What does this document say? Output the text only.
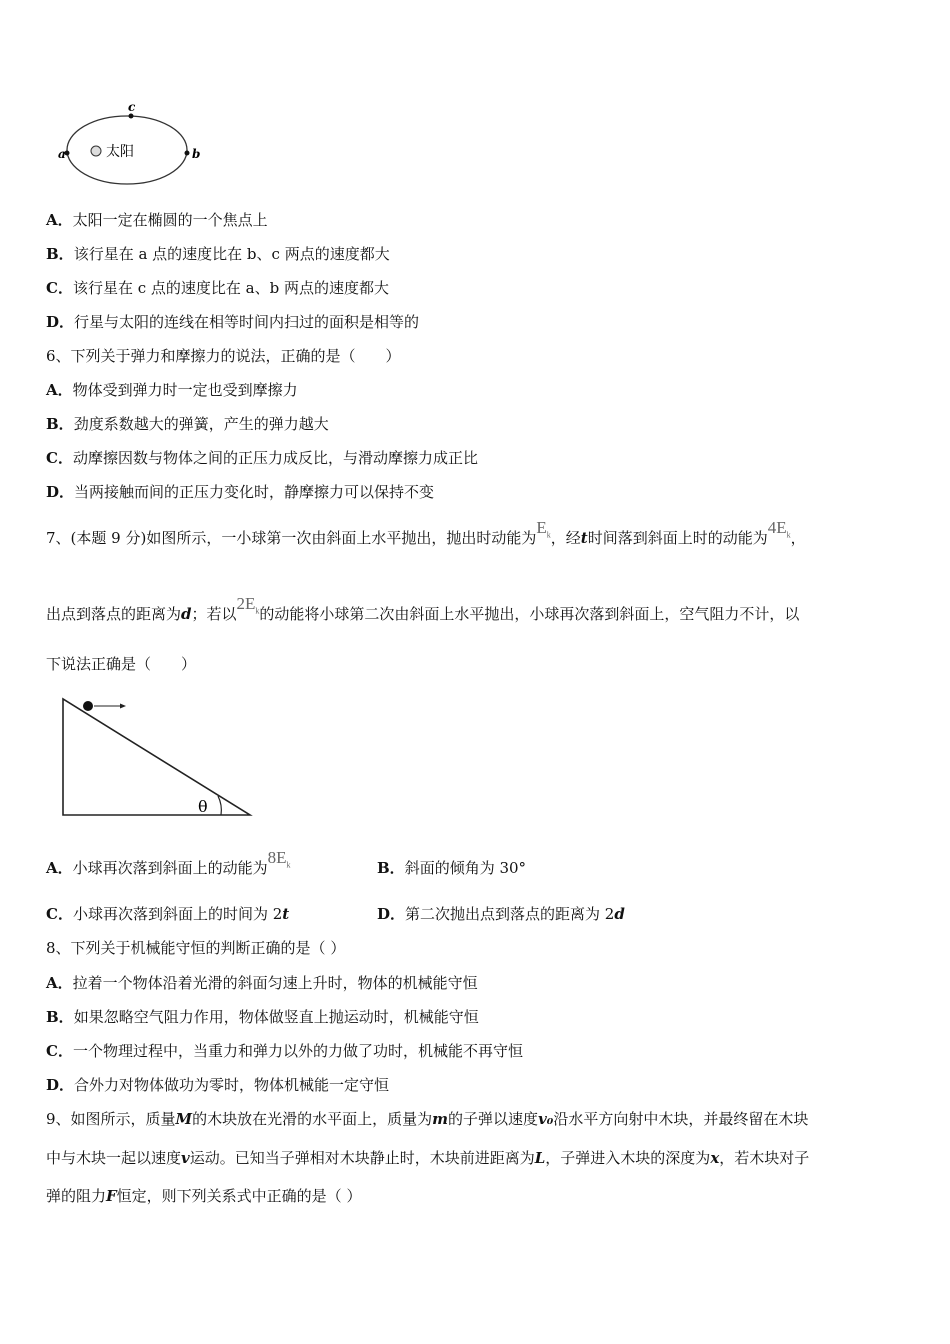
太阳
a	b
c
A．太阳一定在椭圆的一个焦点上
B．该行星在 a 点的速度比在 b、c 两点的速度都大
C．该行星在 c 点的速度比在 a、b 两点的速度都大
D．行星与太阳的连线在相等时间内扫过的面积是相等的
6、下列关于弹力和摩擦力的说法，正确的是（　　）
A．物体受到弹力时一定也受到摩擦力
B．劲度系数越大的弹簧，产生的弹力越大
C．动摩擦因数与物体之间的正压力成反比，与滑动摩擦力成正比
D．当两接触而间的正压力变化时，静摩擦力可以保持不变
7、(本题 9 分)如图所示，一小球第一次由斜面上水平抛出，抛出时动能为$E_k$，经t时间落到斜面上时的动能为$4E_k$，
出点到落点的距离为d；若以$2E_k$的动能将小球第二次由斜面上水平抛出，小球再次落到斜面上，空气阻力不计，以
下说法正确是（　　）
θ
A．小球再次落到斜面上的动能为$8E_k$	B．斜面的倾角为 30°
C．小球再次落到斜面上的时间为 2t	D．第二次抛出点到落点的距离为 2d
8、下列关于机械能守恒的判断正确的是（ ）
A．拉着一个物体沿着光滑的斜面匀速上升时，物体的机械能守恒
B．如果忽略空气阻力作用，物体做竖直上抛运动时，机械能守恒
C．一个物理过程中，当重力和弹力以外的力做了功时，机械能不再守恒
D．合外力对物体做功为零时，物体机械能一定守恒
9、如图所示，质量M的木块放在光滑的水平面上，质量为m的子弹以速度v₀沿水平方向射中木块，并最终留在木块
中与木块一起以速度v运动。已知当子弹相对木块静止时，木块前进距离为L，子弹进入木块的深度为x，若木块对子
弹的阻力F恒定，则下列关系式中正确的是（ ）
